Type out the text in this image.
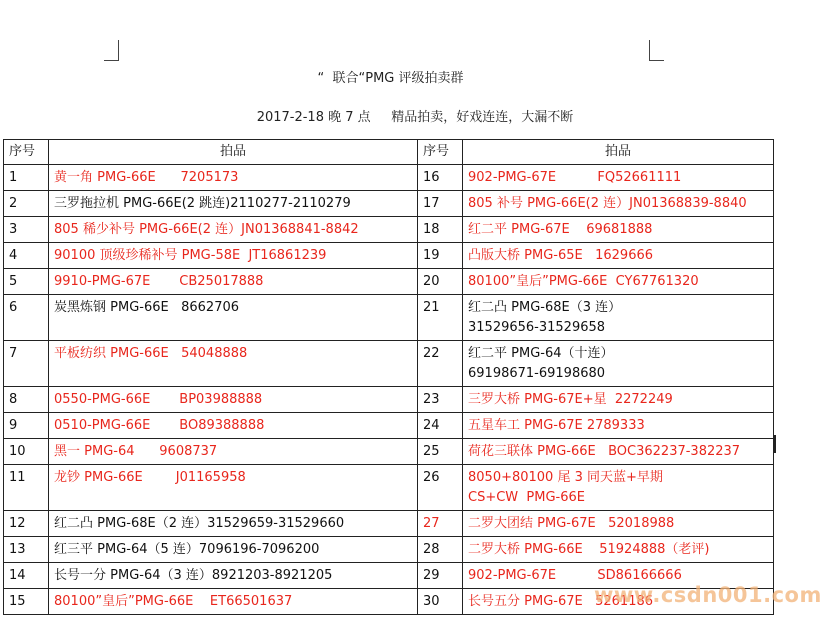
“  联合“PMG 评级拍卖群
2017-2-18 晚 7 点     精品拍卖，好戏连连，大漏不断
序号	拍品	序号	拍品
1	黄一角 PMG-66E      7205173	16	902-PMG-67E          FQ52661111

2	三罗拖拉机 PMG-66E(2 跳连)2110277-2110279	17	805 补号 PMG-66E(2 连）JN01368839-8840

3	805 稀少补号 PMG-66E(2 连）JN01368841-8842	18	红二平 PMG-67E    69681888

4	90100 顶级珍稀补号 PMG-58E  JT16861239	19	凸版大桥 PMG-65E   1629666

5	9910-PMG-67E       CB25017888	20	80100”皇后”PMG-66E  CY67761320

6	炭黑炼钢 PMG-66E   8662706	21	红二凸 PMG-68E（3 连）
31529656-31529658

7	平板纺织 PMG-66E   54048888	22	红二平 PMG-64（十连）
69198671-69198680

8	0550-PMG-66E       BP03988888	23	三罗大桥 PMG-67E+星  2272249

9	0510-PMG-66E       BO89388888	24	五星车工 PMG-67E 2789333

10	黑一 PMG-64      9608737	25	荷花三联体 PMG-66E   BOC362237-382237

11	龙钞 PMG-66E        J01165958	26	8050+80100 尾 3 同天蓝+早期
CS+CW  PMG-66E

12	红二凸 PMG-68E（2 连）31529659-31529660	27	二罗大团结 PMG-67E   52018988

13	红三平 PMG-64（5 连）7096196-7096200	28	二罗大桥 PMG-66E    51924888（老评)

14	长号一分 PMG-64（3 连）8921203-8921205	29	902-PMG-67E          SD86166666

15	80100”皇后”PMG-66E    ET66501637	30	长号五分 PMG-67E   5261186
www.csdn001.com
